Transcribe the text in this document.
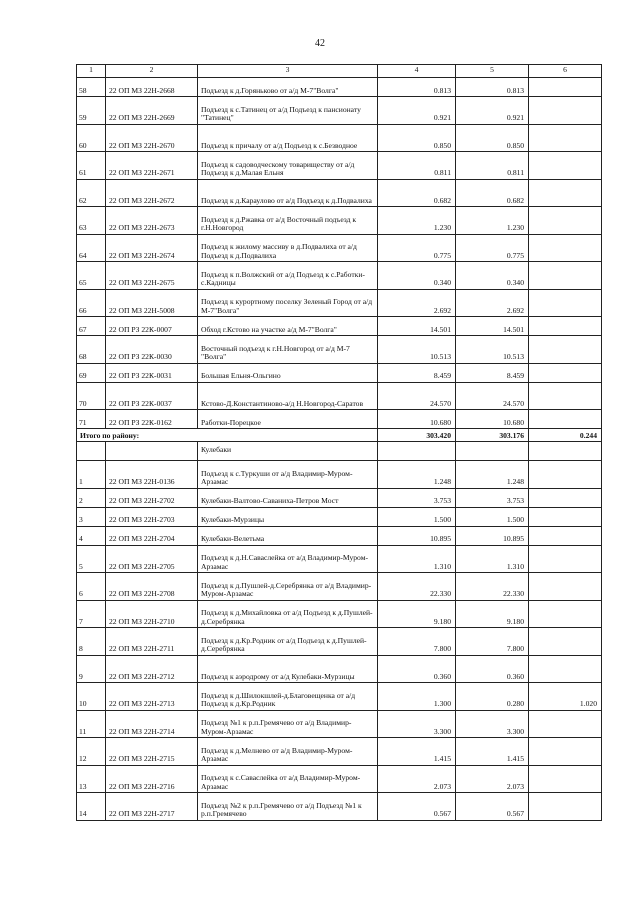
42
1	2	3	4	5	6
58	22 ОП МЗ 22Н-2668	Подъезд к д.Горяньково от а/д М-7"Волга"	0.813	0.813	
59	22 ОП МЗ 22Н-2669	Подъезд к с.Татинец от а/д Подъезд к пансионату "Татинец"	0.921	0.921	
60	22 ОП МЗ 22Н-2670	Подъезд к причалу от а/д Подъезд к с.Безводное	0.850	0.850	
61	22 ОП МЗ 22Н-2671	Подъезд к садоводческому товариществу от а/д Подъезд к д.Малая Ельня	0.811	0.811	
62	22 ОП МЗ 22Н-2672	Подъезд к д.Караулово от а/д Подъезд к д.Подвалиха	0.682	0.682	
63	22 ОП МЗ 22Н-2673	Подъезд к д.Ржавка от а/д Восточный подъезд к г.Н.Новгород	1.230	1.230	
64	22 ОП МЗ 22Н-2674	Подъезд к жилому массиву в д.Подвалиха от а/д Подъезд к д.Подвалиха	0.775	0.775	
65	22 ОП МЗ 22Н-2675	Подъезд к п.Волжский от а/д Подъезд к с.Работки-с.Кадницы	0.340	0.340	
66	22 ОП МЗ 22Н-5008	Подъезд к курортному поселку Зеленый Город от а/д М-7"Волга"	2.692	2.692	
67	22 ОП РЗ 22К-0007	Обход г.Кстово на участке а/д М-7"Волга"	14.501	14.501	
68	22 ОП РЗ 22К-0030	Восточный подъезд к г.Н.Новгород от а/д М-7 "Волга"	10.513	10.513	
69	22 ОП РЗ 22К-0031	Большая Ельня-Ольгино	8.459	8.459	
70	22 ОП РЗ 22К-0037	Кстово-Д.Константиново-а/д Н.Новгород-Саратов	24.570	24.570	
71	22 ОП РЗ 22К-0162	Работки-Порецкое	10.680	10.680	
Итого по району:			303.420	303.176	0.244
		Кулебаки			
1	22 ОП МЗ 22Н-0136	Подъезд к с.Туркуши от а/д Владимир-Муром-Арзамас	1.248	1.248	
2	22 ОП МЗ 22Н-2702	Кулебаки-Валтово-Саваниха-Петров Мост	3.753	3.753	
3	22 ОП МЗ 22Н-2703	Кулебаки-Мурзицы	1.500	1.500	
4	22 ОП МЗ 22Н-2704	Кулебаки-Велетьма	10.895	10.895	
5	22 ОП МЗ 22Н-2705	Подъезд к д.Н.Саваслейка от а/д Владимир-Муром-Арзамас	1.310	1.310	
6	22 ОП МЗ 22Н-2708	Подъезд к д.Пушлей-д.Серебрянка от а/д Владимир-Муром-Арзамас	22.330	22.330	
7	22 ОП МЗ 22Н-2710	Подъезд к д.Михайловка от а/д Подъезд к д.Пушлей-д.Серебрянка	9.180	9.180	
8	22 ОП МЗ 22Н-2711	Подъезд к д.Кр.Родник от а/д Подъезд к д.Пушлей-д.Серебрянка	7.800	7.800	
9	22 ОП МЗ 22Н-2712	Подъезд к аэродрому от а/д Кулебаки-Мурзицы	0.360	0.360	
10	22 ОП МЗ 22Н-2713	Подъезд к д.Шилокшлей-д.Благовещенка от а/д Подъезд к д.Кр.Родник	1.300	0.280	1.020
11	22 ОП МЗ 22Н-2714	Подъезд №1 к р.п.Гремячево от а/д Владимир-Муром-Арзамас	3.300	3.300	
12	22 ОП МЗ 22Н-2715	Подъезд к д.Мелнево от а/д Владимир-Муром-Арзамас	1.415	1.415	
13	22 ОП МЗ 22Н-2716	Подъезд к с.Саваслейка от а/д Владимир-Муром-Арзамас	2.073	2.073	
14	22 ОП МЗ 22Н-2717	Подъезд №2 к р.п.Гремячево от а/д Подъезд №1 к р.п.Гремячево	0.567	0.567	
